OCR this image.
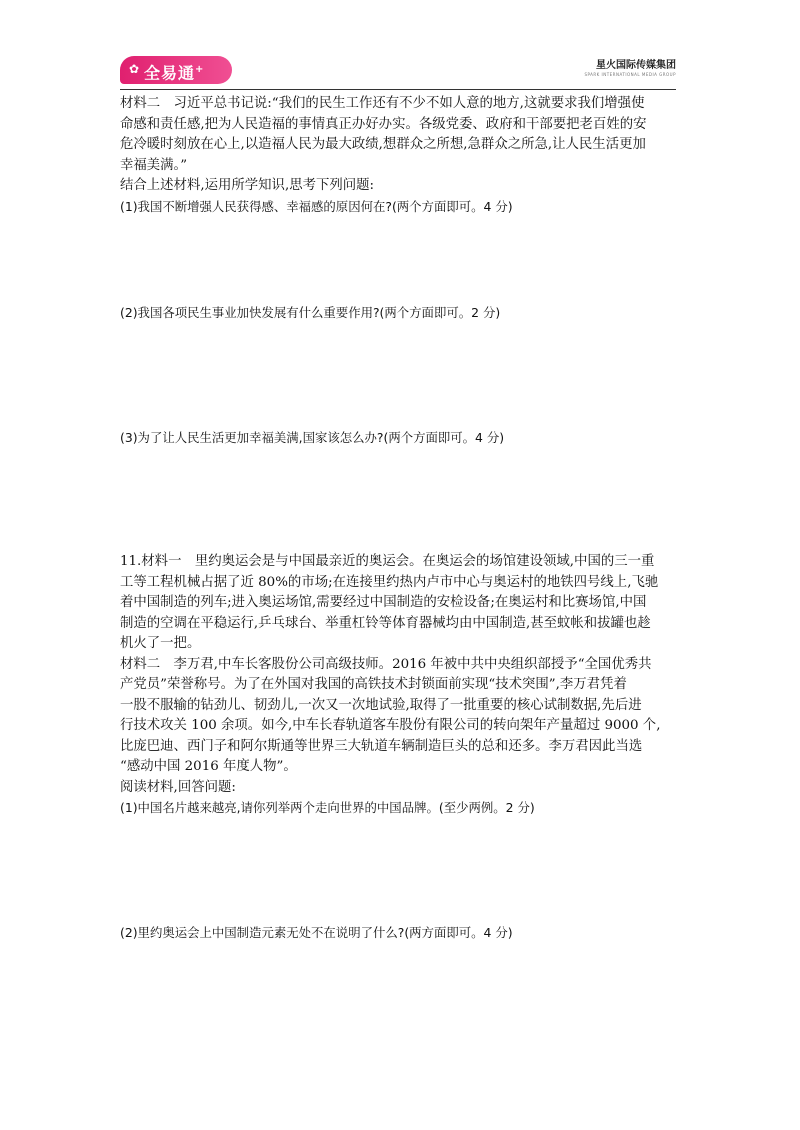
✿ 全易通+	星火国际传媒集团
SPARK INTERNATIONAL MEDIA GROUP

材料二　习近平总书记说:“我们的民生工作还有不少不如人意的地方,这就要求我们增强使

命感和责任感,把为人民造福的事情真正办好办实。各级党委、政府和干部要把老百姓的安

危冷暖时刻放在心上,以造福人民为最大政绩,想群众之所想,急群众之所急,让人民生活更加

幸福美满。”

结合上述材料,运用所学知识,思考下列问题:

(1)我国不断增强人民获得感、幸福感的原因何在?(两个方面即可。4 分)

(2)我国各项民生事业加快发展有什么重要作用?(两个方面即可。2 分)

(3)为了让人民生活更加幸福美满,国家该怎么办?(两个方面即可。4 分)

11.材料一　里约奥运会是与中国最亲近的奥运会。在奥运会的场馆建设领域,中国的三一重

工等工程机械占据了近 80%的市场;在连接里约热内卢市中心与奥运村的地铁四号线上,飞驰

着中国制造的列车;进入奥运场馆,需要经过中国制造的安检设备;在奥运村和比赛场馆,中国

制造的空调在平稳运行,乒乓球台、举重杠铃等体育器械均由中国制造,甚至蚊帐和拔罐也趁

机火了一把。

材料二　李万君,中车长客股份公司高级技师。2016 年被中共中央组织部授予“全国优秀共

产党员”荣誉称号。为了在外国对我国的高铁技术封锁面前实现“技术突围”,李万君凭着

一股不服输的钻劲儿、韧劲儿,一次又一次地试验,取得了一批重要的核心试制数据,先后进

行技术攻关 100 余项。如今,中车长春轨道客车股份有限公司的转向架年产量超过 9000 个,

比庞巴迪、西门子和阿尔斯通等世界三大轨道车辆制造巨头的总和还多。李万君因此当选

“感动中国 2016 年度人物”。

阅读材料,回答问题:

(1)中国名片越来越亮,请你列举两个走向世界的中国品牌。(至少两例。2 分)

(2)里约奥运会上中国制造元素无处不在说明了什么?(两方面即可。4 分)
